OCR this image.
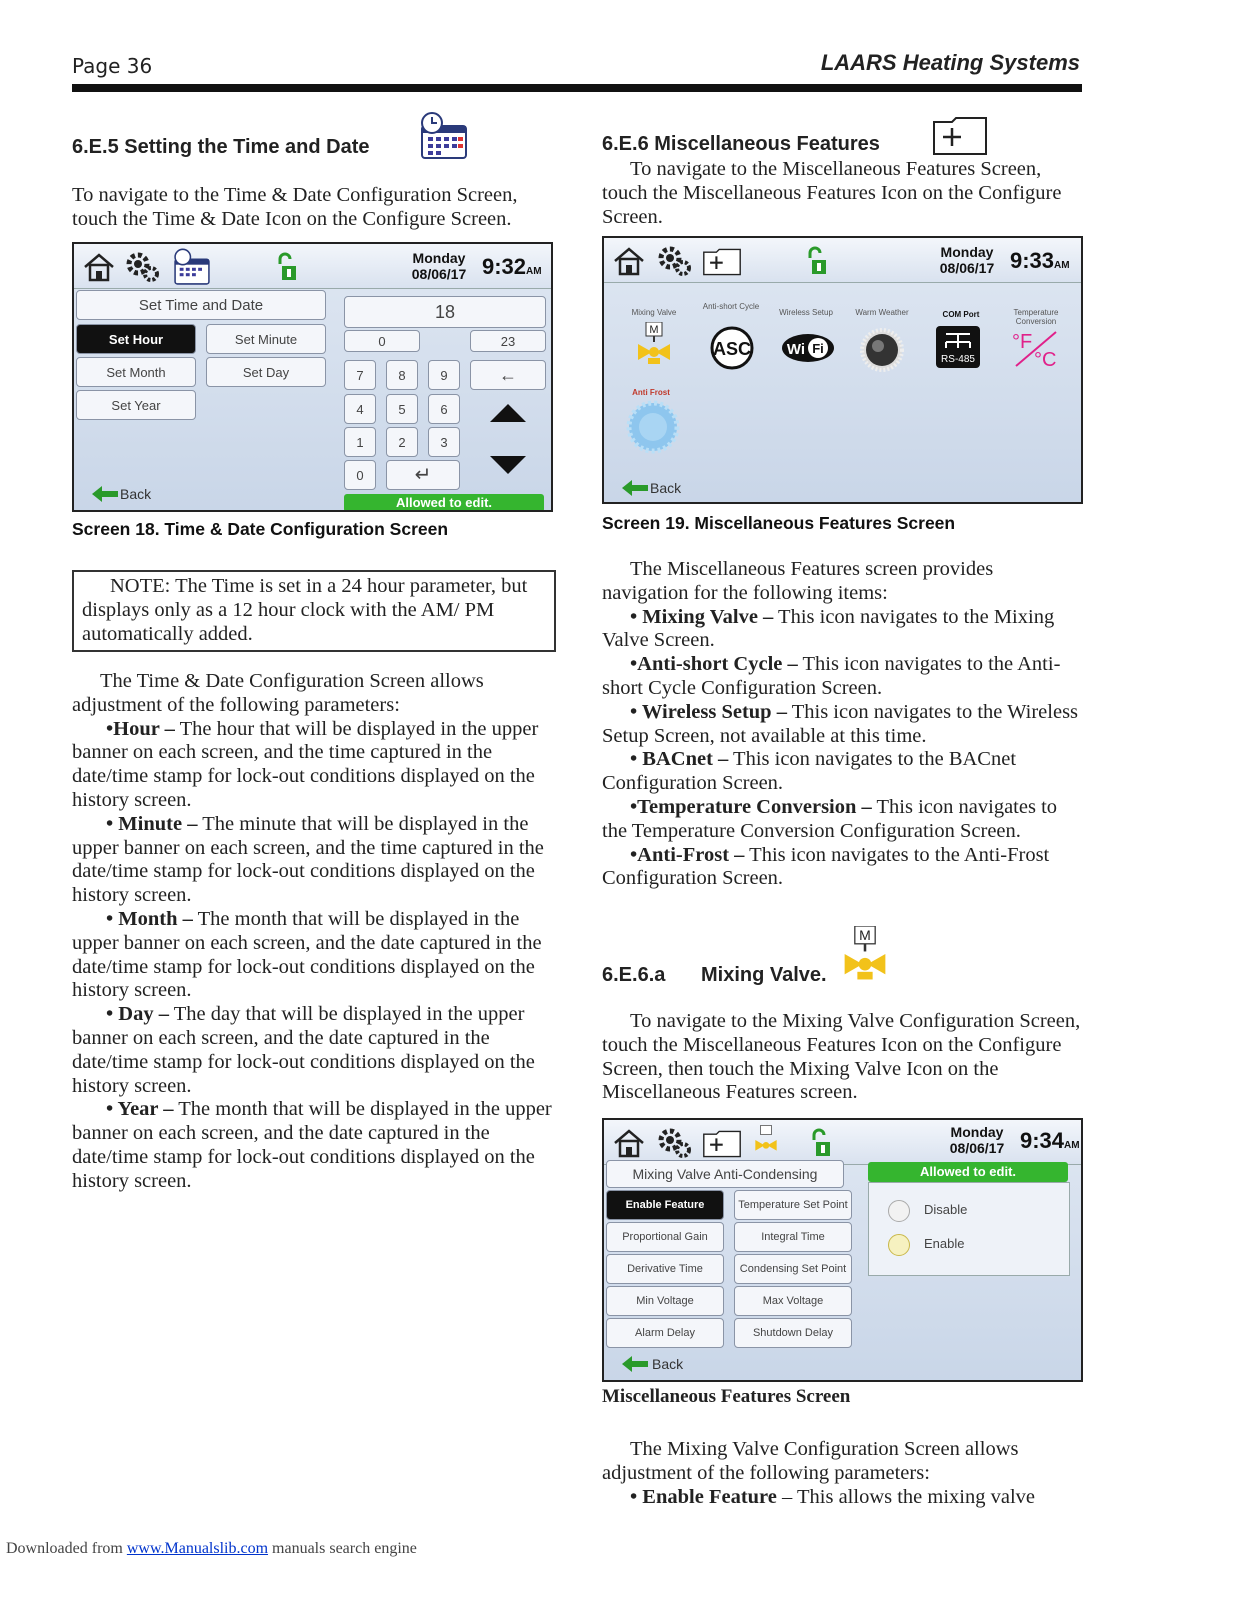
Page 36	LAARS Heating Systems
6.E.5 Setting the Time and Date
To navigate to the Time & Date Configuration Screen, touch the Time & Date Icon on the Configure Screen.
Monday
08/06/17 9:32AM
Set Time and Date
Set Hour	Set Minute
Set Month	Set Day
Set Year
18
0	23
7	8	9	←
4	5	6
1	2	3
0	↵
Back
Allowed to edit.
Screen 18. Time & Date Configuration Screen
NOTE: The Time is set in a 24 hour parameter, but displays only as a 12 hour clock with the AM/ PM automatically added.

The Time & Date Configuration Screen allows adjustment of the following parameters:

•Hour – The hour that will be displayed in the upper banner on each screen, and the time captured in the date/time stamp for lock-out conditions displayed on the history screen.

• Minute – The minute that will be displayed in the upper banner on each screen, and the time captured in the date/time stamp for lock-out conditions displayed on the history screen.

• Month – The month that will be displayed in the upper banner on each screen, and the date captured in the date/time stamp for lock-out conditions displayed on the history screen.

• Day – The day that will be displayed in the upper banner on each screen, and the date captured in the date/time stamp for lock-out conditions displayed on the history screen.

• Year – The month that will be displayed in the upper banner on each screen, and the date captured in the date/time stamp for lock-out conditions displayed on the history screen.

6.E.6 Miscellaneous Features

To navigate to the Miscellaneous Features Screen, touch the Miscellaneous Features Icon on the Configure Screen.

Monday
08/06/17 9:33AM
Mixing Valve
M
Anti-short Cycle
ASC
Wireless Setup
Wi Fi
Warm Weather	COM Port
RS-485
Temperature Conversion
°F
°C
Anti Frost
Back
Screen 19. Miscellaneous Features Screen

The Miscellaneous Features screen provides navigation for the following items:

• Mixing Valve – This icon navigates to the Mixing Valve Screen.

•Anti-short Cycle – This icon navigates to the Anti-short Cycle Configuration Screen.

• Wireless Setup – This icon navigates to the Wireless Setup Screen, not available at this time.

• BACnet – This icon navigates to the BACnet Configuration Screen.

•Temperature Conversion – This icon navigates to the Temperature Conversion Configuration Screen.

•Anti-Frost – This icon navigates to the Anti-Frost Configuration Screen.

6.E.6.a Mixing Valve.
M

To navigate to the Mixing Valve Configuration Screen, touch the Miscellaneous Features Icon on the Configure Screen, then touch the Mixing Valve Icon on the Miscellaneous Features screen.

Monday
08/06/17 9:34AM
Mixing Valve Anti-Condensing
Enable Feature	Temperature Set Point
Proportional Gain	Integral Time
Derivative Time	Condensing Set Point
Min Voltage	Max Voltage
Alarm Delay	Shutdown Delay
Allowed to edit.
Disable
Enable
Back
Miscellaneous Features Screen

The Mixing Valve Configuration Screen allows adjustment of the following parameters:

• Enable Feature – This allows the mixing valve

Downloaded from www.Manualslib.com manuals search engine
